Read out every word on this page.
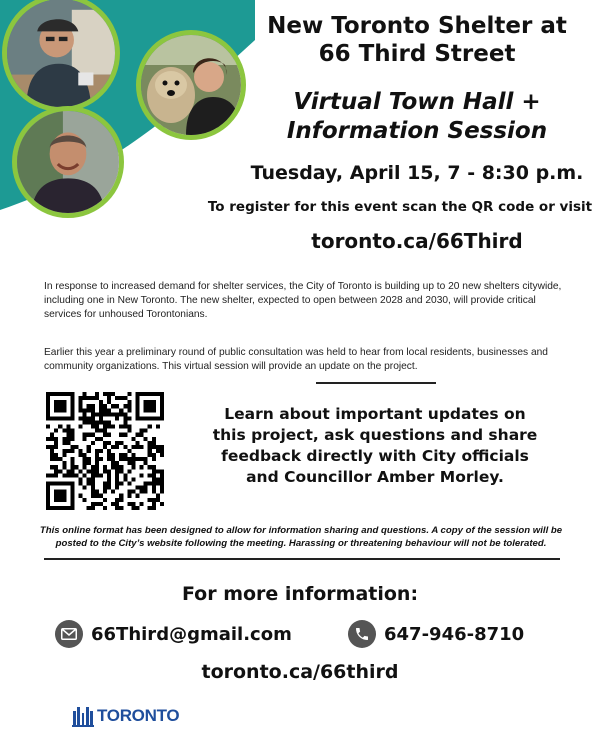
New Toronto Shelter at
66 Third Street
Virtual Town Hall +
Information Session
Tuesday, April 15, 7 - 8:30 p.m.
To register for this event scan the QR code or visit
toronto.ca/66Third

In response to increased demand for shelter services, the City of Toronto is building up to 20 new shelters citywide, including one in New Toronto. The new shelter, expected to open between 2028 and 2030, will provide critical services for unhoused Torontonians.

Earlier this year a preliminary round of public consultation was held to hear from local residents, businesses and community organizations. This virtual session will provide an update on the project.

Learn about important updates on
this project, ask questions and share
feedback directly with City officials
and Councillor Amber Morley.
This online format has been designed to allow for information sharing and questions. A copy of the session will be
posted to the City’s website following the meeting. Harassing or threatening behaviour will not be tolerated.
For more information:
66Third@gmail.com	647-946-8710
toronto.ca/66third
TORONTO
